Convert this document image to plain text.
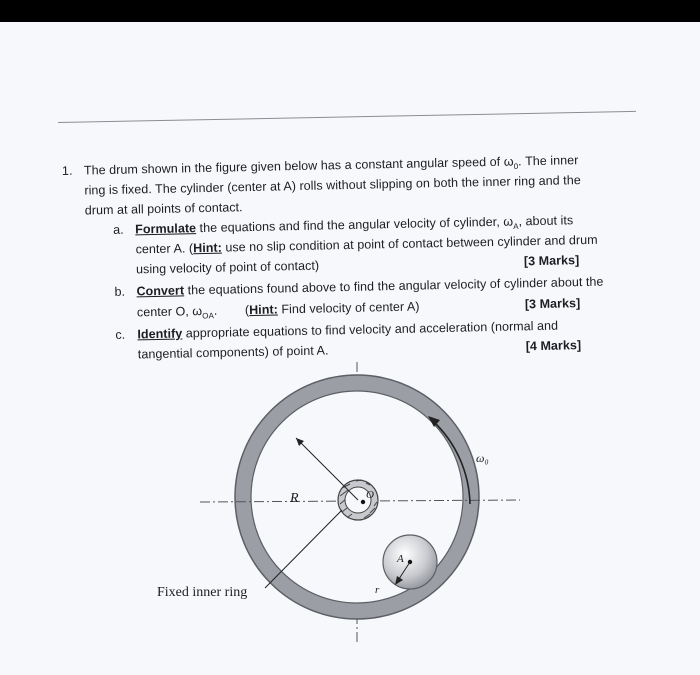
1. The drum shown in the figure given below has a constant angular speed of $\omega_0$. The inner
ring is fixed. The cylinder (center at A) rolls without slipping on both the inner ring and the
drum at all points of contact.
a. Formulate the equations and find the angular velocity of cylinder, $\omega_A$, about its
center A. (Hint: use no slip condition at point of contact between cylinder and drum
using velocity of point of contact)	[3 Marks]
b. Convert the equations found above to find the angular velocity of cylinder about the
center O, $\omega_{OA}$. (Hint: Find velocity of center A)	[3 Marks]
c. Identify appropriate equations to find velocity and acceleration (normal and
tangential components) of point A.	[4 Marks]
R	O
A
r
ω₀
Fixed inner ring
